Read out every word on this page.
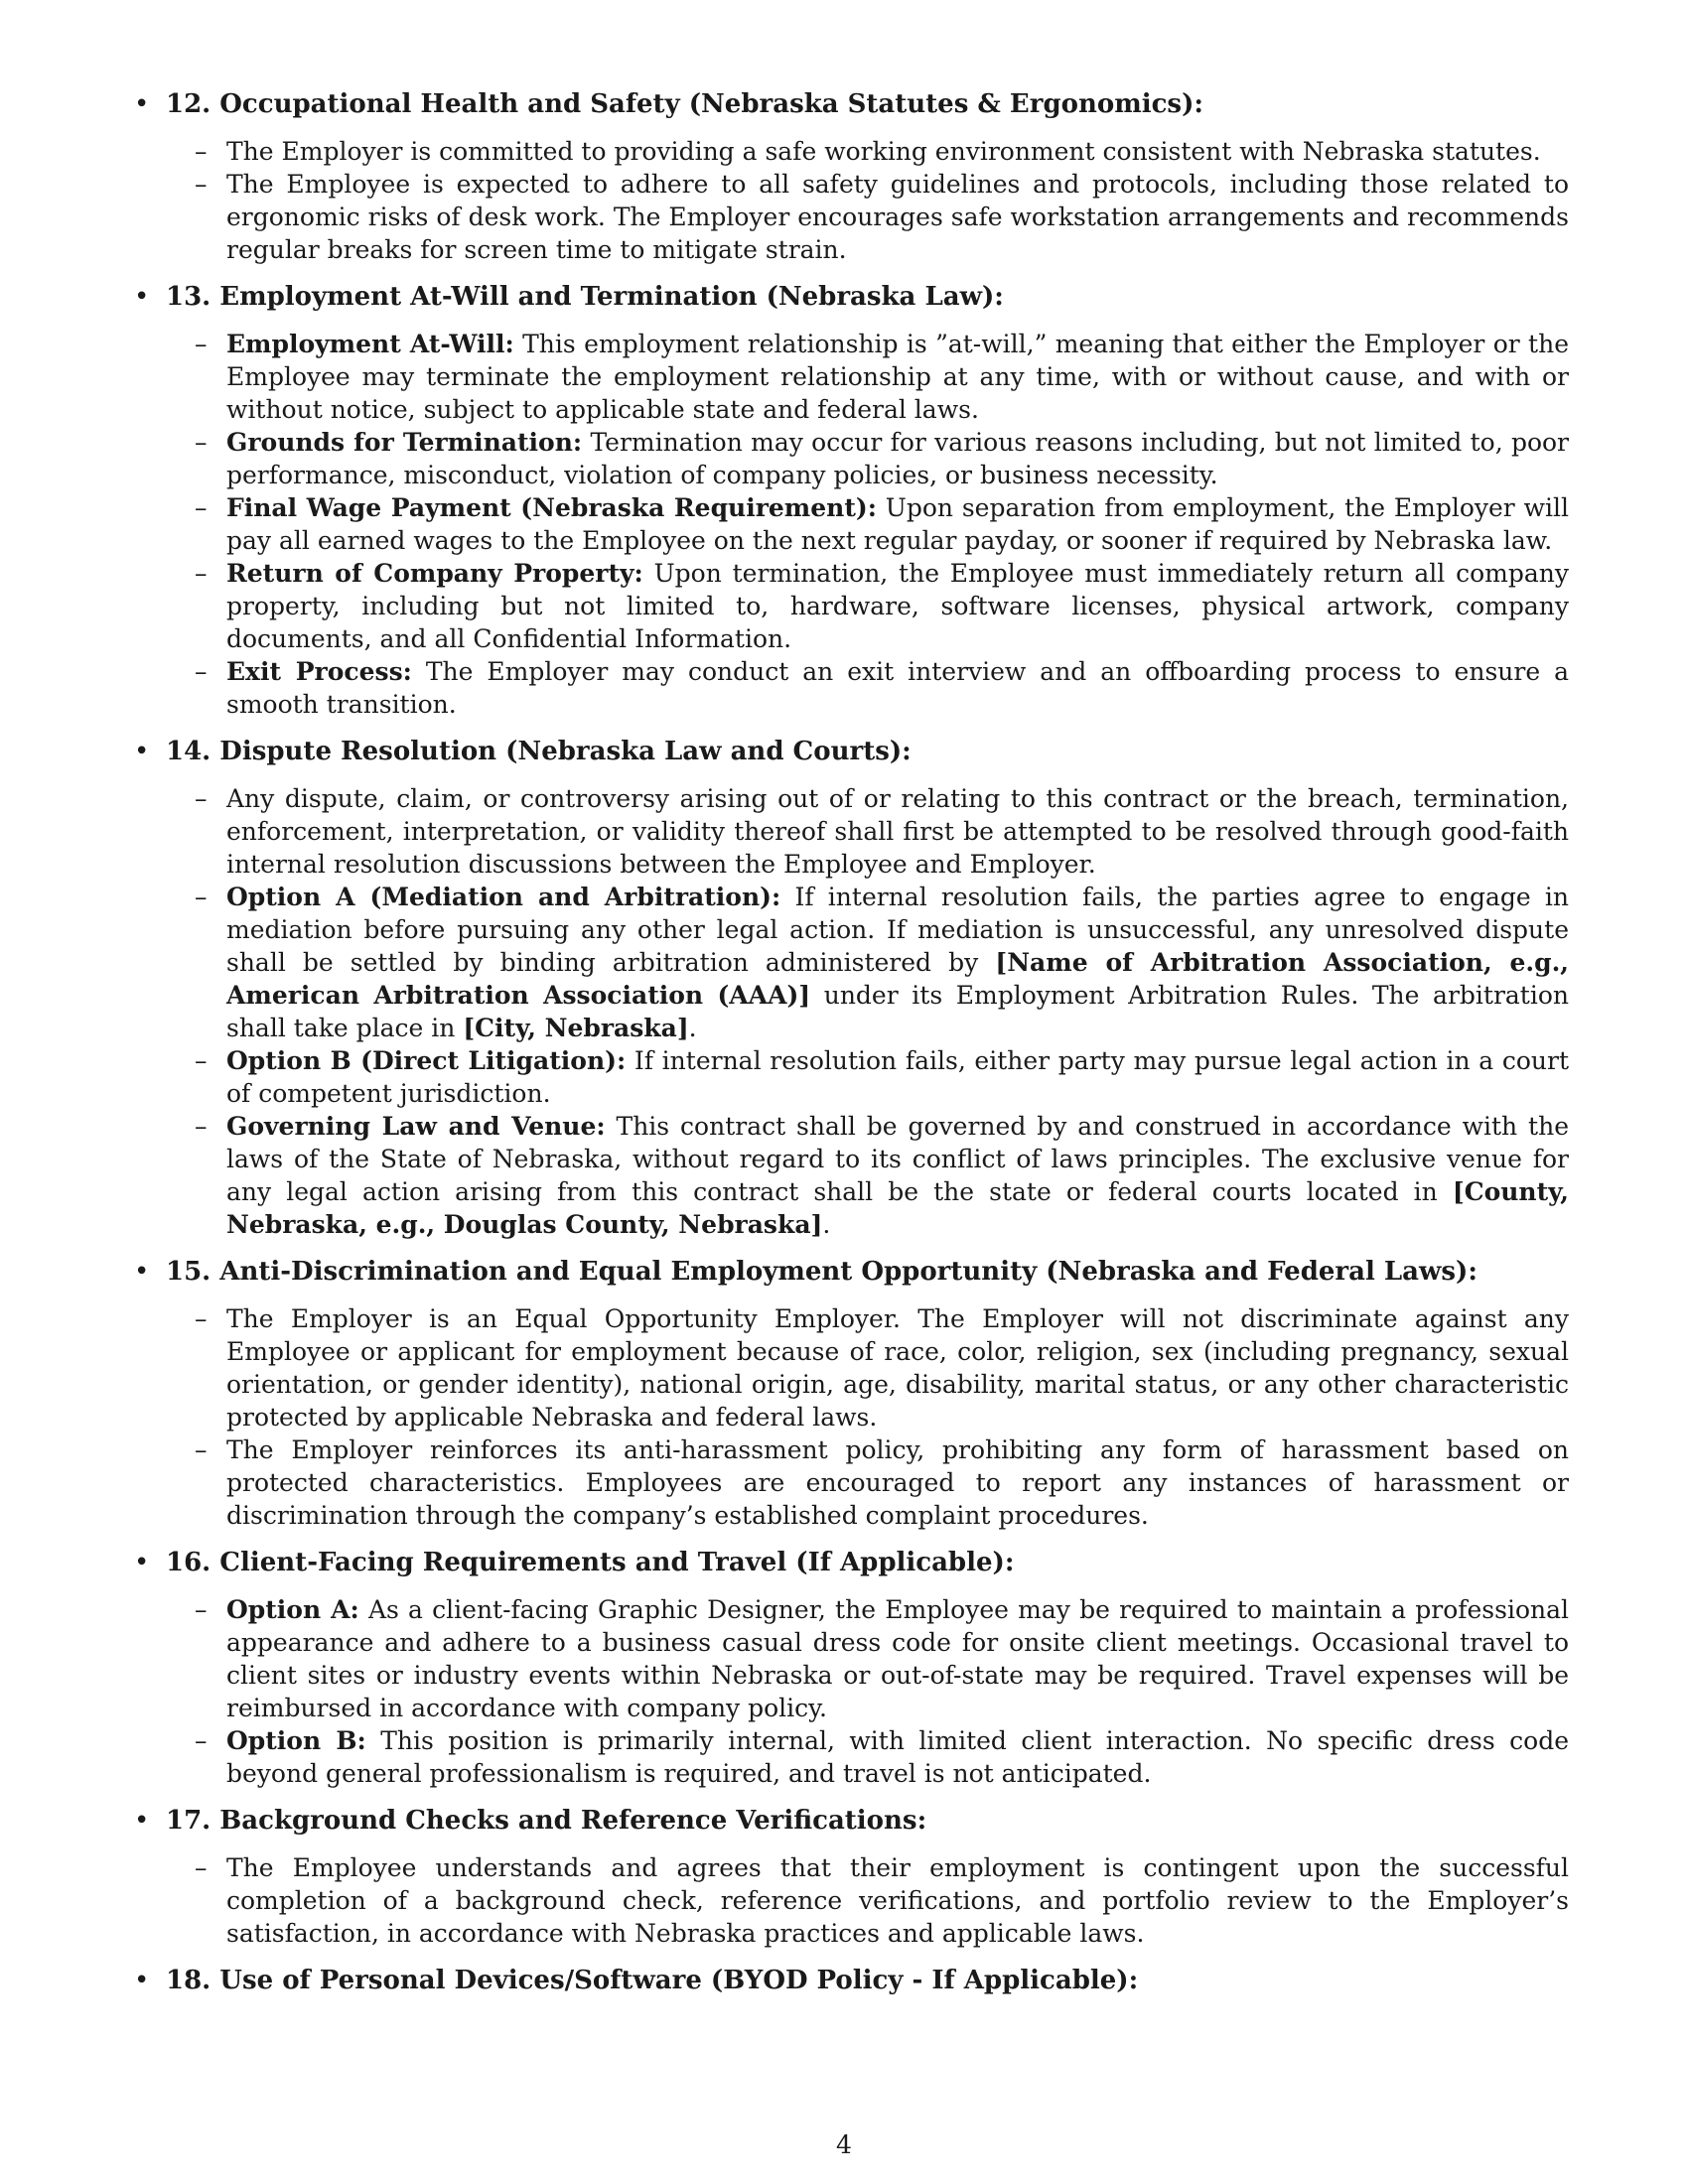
• 12. Occupational Health and Safety (Nebraska Statutes & Ergonomics):
– The Employer is committed to providing a safe working environment consistent with Nebraska statutes.
– The Employee is expected to adhere to all safety guidelines and protocols, including those related to ergonomic risks of desk work. The Employer encourages safe workstation arrangements and recommends regular breaks for screen time to mitigate strain.
• 13. Employment At-Will and Termination (Nebraska Law):
– Employment At-Will: This employment relationship is ”at-will,” meaning that either the Employer or the Employee may terminate the employment relationship at any time, with or without cause, and with or without notice, subject to applicable state and federal laws.
– Grounds for Termination: Termination may occur for various reasons including, but not limited to, poor performance, misconduct, violation of company policies, or business necessity.
– Final Wage Payment (Nebraska Requirement): Upon separation from employment, the Employer will pay all earned wages to the Employee on the next regular payday, or sooner if required by Nebraska law.
– Return of Company Property: Upon termination, the Employee must immediately return all company property, including but not limited to, hardware, software licenses, physical artwork, company documents, and all Confidential Information.
– Exit Process: The Employer may conduct an exit interview and an offboarding process to ensure a smooth transition.
• 14. Dispute Resolution (Nebraska Law and Courts):
– Any dispute, claim, or controversy arising out of or relating to this contract or the breach, termination, enforcement, interpretation, or validity thereof shall first be attempted to be resolved through good-faith internal resolution discussions between the Employee and Employer.
– Option A (Mediation and Arbitration): If internal resolution fails, the parties agree to engage in mediation before pursuing any other legal action. If mediation is unsuccessful, any unresolved dispute shall be settled by binding arbitration administered by [Name of Arbitration Association, e.g., American Arbitration Association (AAA)] under its Employment Arbitration Rules. The arbitration shall take place in [City, Nebraska].
– Option B (Direct Litigation): If internal resolution fails, either party may pursue legal action in a court of competent jurisdiction.
– Governing Law and Venue: This contract shall be governed by and construed in accordance with the laws of the State of Nebraska, without regard to its conflict of laws principles. The exclusive venue for any legal action arising from this contract shall be the state or federal courts located in [County, Nebraska, e.g., Douglas County, Nebraska].
• 15. Anti-Discrimination and Equal Employment Opportunity (Nebraska and Federal Laws):
– The Employer is an Equal Opportunity Employer. The Employer will not discriminate against any Employee or applicant for employment because of race, color, religion, sex (including pregnancy, sexual orientation, or gender identity), national origin, age, disability, marital status, or any other characteristic protected by applicable Nebraska and federal laws.
– The Employer reinforces its anti-harassment policy, prohibiting any form of harassment based on protected characteristics. Employees are encouraged to report any instances of harassment or discrimination through the company’s established complaint procedures.
• 16. Client-Facing Requirements and Travel (If Applicable):
– Option A: As a client-facing Graphic Designer, the Employee may be required to maintain a professional appearance and adhere to a business casual dress code for onsite client meetings. Occasional travel to client sites or industry events within Nebraska or out-of-state may be required. Travel expenses will be reimbursed in accordance with company policy.
– Option B: This position is primarily internal, with limited client interaction. No specific dress code beyond general professionalism is required, and travel is not anticipated.
• 17. Background Checks and Reference Verifications:
– The Employee understands and agrees that their employment is contingent upon the successful completion of a background check, reference verifications, and portfolio review to the Employer’s satisfaction, in accordance with Nebraska practices and applicable laws.
• 18. Use of Personal Devices/Software (BYOD Policy - If Applicable):
4
